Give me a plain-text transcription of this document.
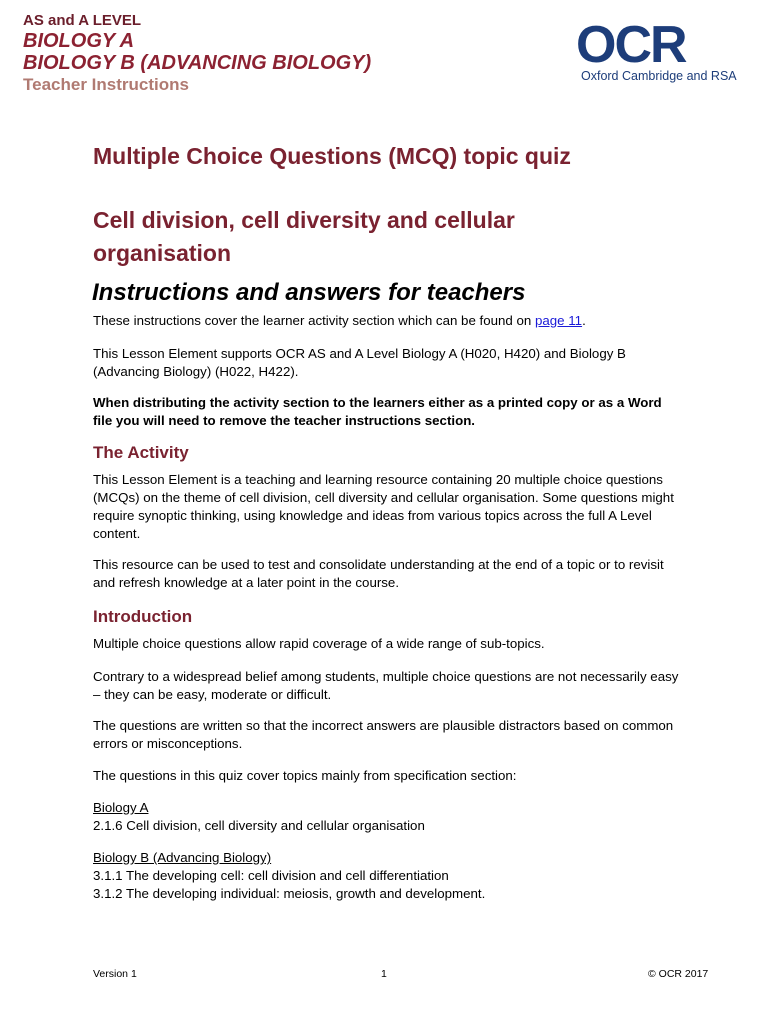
AS and A LEVEL
BIOLOGY A
BIOLOGY B (ADVANCING BIOLOGY)
Teacher Instructions
OCR
Oxford Cambridge and RSA
Multiple Choice Questions (MCQ) topic quiz
Cell division, cell diversity and cellular organisation
Instructions and answers for teachers

These instructions cover the learner activity section which can be found on page 11.

This Lesson Element supports OCR AS and A Level Biology A (H020, H420) and Biology B (Advancing Biology) (H022, H422).

When distributing the activity section to the learners either as a printed copy or as a Word file you will need to remove the teacher instructions section.

The Activity

This Lesson Element is a teaching and learning resource containing 20 multiple choice questions (MCQs) on the theme of cell division, cell diversity and cellular organisation. Some questions might require synoptic thinking, using knowledge and ideas from various topics across the full A Level content.

This resource can be used to test and consolidate understanding at the end of a topic or to revisit and refresh knowledge at a later point in the course.

Introduction

Multiple choice questions allow rapid coverage of a wide range of sub-topics.

Contrary to a widespread belief among students, multiple choice questions are not necessarily easy – they can be easy, moderate or difficult.

The questions are written so that the incorrect answers are plausible distractors based on common errors or misconceptions.

The questions in this quiz cover topics mainly from specification section:

Biology A
2.1.6 Cell division, cell diversity and cellular organisation

Biology B (Advancing Biology)
3.1.1 The developing cell: cell division and cell differentiation
3.1.2 The developing individual: meiosis, growth and development.

Version 1	1	© OCR 2017
